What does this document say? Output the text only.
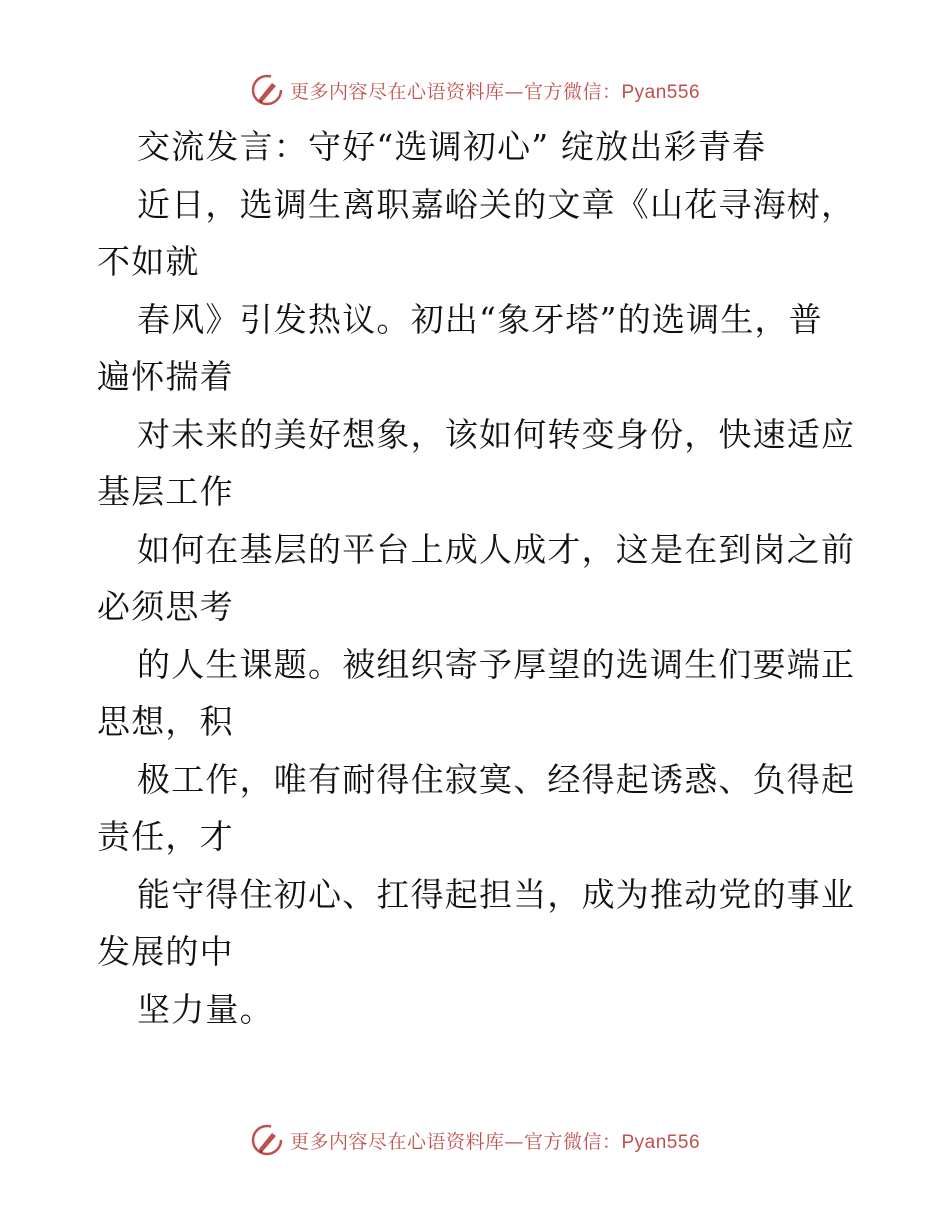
更多内容尽在心语资料库—官方微信：Pyan556
交流发言：守好“选调初心” 绽放出彩青春
近日，选调生离职嘉峪关的文章《山花寻海树，
不如就
春风》引发热议。初出“象牙塔”的选调生，普
遍怀揣着
对未来的美好想象，该如何转变身份，快速适应
基层工作
如何在基层的平台上成人成才，这是在到岗之前
必须思考
的人生课题。被组织寄予厚望的选调生们要端正
思想，积
极工作，唯有耐得住寂寞、经得起诱惑、负得起
责任，才
能守得住初心、扛得起担当，成为推动党的事业
发展的中
坚力量。
更多内容尽在心语资料库—官方微信：Pyan556
